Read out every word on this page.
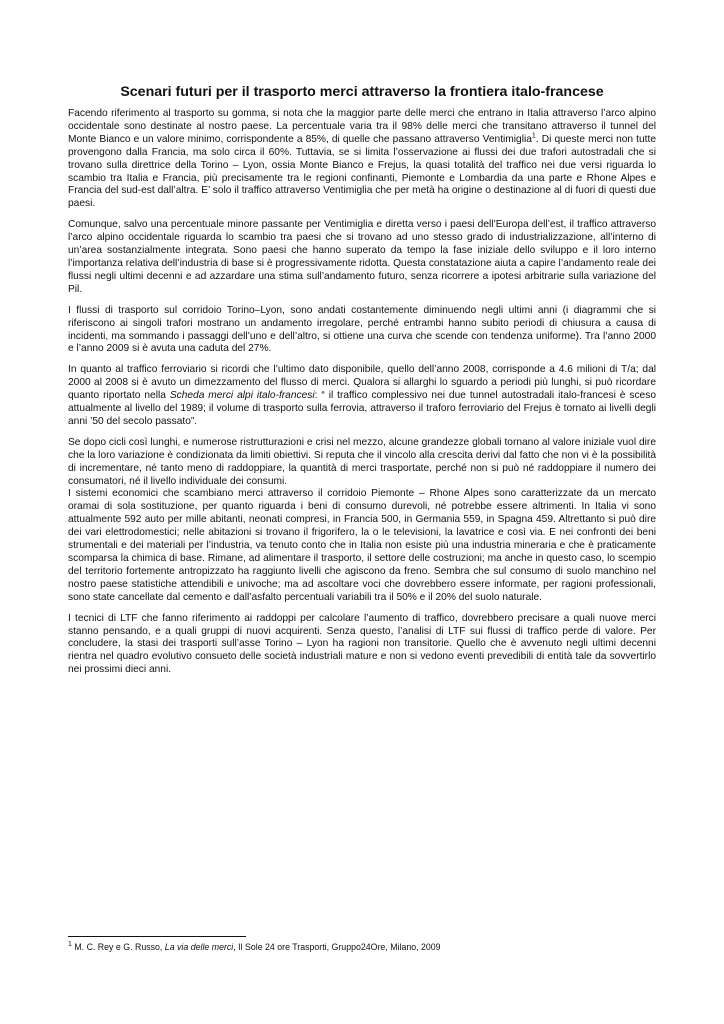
Scenari futuri per il trasporto merci attraverso la frontiera italo-francese

Facendo riferimento al trasporto su gomma, si nota che la maggior parte delle merci che entrano in Italia attraverso l’arco alpino occidentale sono destinate al nostro paese. La percentuale varia tra il 98% delle merci che transitano attraverso il tunnel del Monte Bianco e un valore minimo, corrispondente a 85%, di quelle che passano attraverso Ventimiglia$^1$. Di queste merci non tutte provengono dalla Francia, ma solo circa il 60%. Tuttavia, se si limita l’osservazione ai flussi dei due trafori autostradali che si trovano sulla direttrice della Torino – Lyon, ossia Monte Bianco e Frejus, la quasi totalità del traffico nei due versi riguarda lo scambio tra Italia e Francia, più precisamente tra le regioni confinanti, Piemonte e Lombardia da una parte e Rhone Alpes e Francia del sud-est dall’altra. E’ solo il traffico attraverso Ventimiglia che per metà ha origine o destinazione al di fuori di questi due paesi.

Comunque, salvo una percentuale minore passante per Ventimiglia e diretta verso i paesi dell’Europa dell’est, il traffico attraverso l’arco alpino occidentale riguarda lo scambio tra paesi che si trovano ad uno stesso grado di industrializzazione, all’interno di un’area sostanzialmente integrata. Sono paesi che hanno superato da tempo la fase iniziale dello sviluppo e il loro interno l’importanza relativa dell’industria di base si è progressivamente ridotta. Questa constatazione aiuta a capire l’andamento reale dei flussi negli ultimi decenni e ad azzardare una stima sull’andamento futuro, senza ricorrere a ipotesi arbitrarie sulla variazione del Pil.

I flussi di trasporto sul corridoio Torino–Lyon, sono andati costantemente diminuendo negli ultimi anni (i diagrammi che si riferiscono ai singoli trafori mostrano un andamento irregolare, perché entrambi hanno subito periodi di chiusura a causa di incidenti, ma sommando i passaggi dell’uno e dell’altro, si ottiene una curva che scende con tendenza uniforme). Tra l’anno 2000 e l’anno 2009 si è avuta una caduta del 27%.

In quanto al traffico ferroviario si ricordi che l’ultimo dato disponibile, quello dell’anno 2008, corrisponde a 4.6 milioni di T/a; dal 2000 al 2008 si è avuto un dimezzamento del flusso di merci. Qualora si allarghi lo sguardo a periodi più lunghi, si può ricordare quanto riportato nella Scheda merci alpi italo-francesi: “ il traffico complessivo nei due tunnel autostradali italo-francesi è sceso attualmente al livello del 1989; il volume di trasporto sulla ferrovia, attraverso il traforo ferroviario del Frejus è tornato ai livelli degli anni ’50 del secolo passato”.

Se dopo cicli così lunghi, e numerose ristrutturazioni e crisi nel mezzo, alcune grandezze globali tornano al valore iniziale vuol dire che la loro variazione è condizionata da limiti obiettivi. Si reputa che il vincolo alla crescita derivi dal fatto che non vi è la possibilità di incrementare, né tanto meno di raddoppiare, la quantità di merci trasportate, perché non si può né raddoppiare il numero dei consumatori, né il livello individuale dei consumi.

I sistemi economici che scambiano merci attraverso il corridoio Piemonte – Rhone Alpes sono caratterizzate da un mercato oramai di sola sostituzione, per quanto riguarda i beni di consumo durevoli, né potrebbe essere altrimenti. In Italia vi sono attualmente 592 auto per mille abitanti, neonati compresi, in Francia 500, in Germania 559, in Spagna 459. Altrettanto si può dire dei vari elettrodomestici; nelle abitazioni si trovano il frigorifero, la o le televisioni, la lavatrice e così via. E nei confronti dei beni strumentali e dei materiali per l’industria, va tenuto conto che in Italia non esiste più una industria mineraria e che è praticamente scomparsa la chimica di base. Rimane, ad alimentare il trasporto, il settore delle costruzioni; ma anche in questo caso, lo scempio del territorio fortemente antropizzato ha raggiunto livelli che agiscono da freno. Sembra che sul consumo di suolo manchino nel nostro paese statistiche attendibili e univoche; ma ad ascoltare voci che dovrebbero essere informate, per ragioni professionali, sono state cancellate dal cemento e dall’asfalto percentuali variabili tra il 50% e il 20% del suolo naturale.

I tecnici di LTF che fanno riferimento ai raddoppi per calcolare l’aumento di traffico, dovrebbero precisare a quali nuove merci stanno pensando, e a quali gruppi di nuovi acquirenti. Senza questo, l’analisi di LTF sui flussi di traffico perde di valore. Per concludere, la stasi dei trasporti sull’asse Torino – Lyon ha ragioni non transitorie. Quello che è avvenuto negli ultimi decenni rientra nel quadro evolutivo consueto delle società industriali mature e non si vedono eventi prevedibili di entità tale da sovvertirlo nei prossimi dieci anni.

$^1$ M. C. Rey e G. Russo, La via delle merci, Il Sole 24 ore Trasporti, Gruppo24Ore, Milano, 2009
